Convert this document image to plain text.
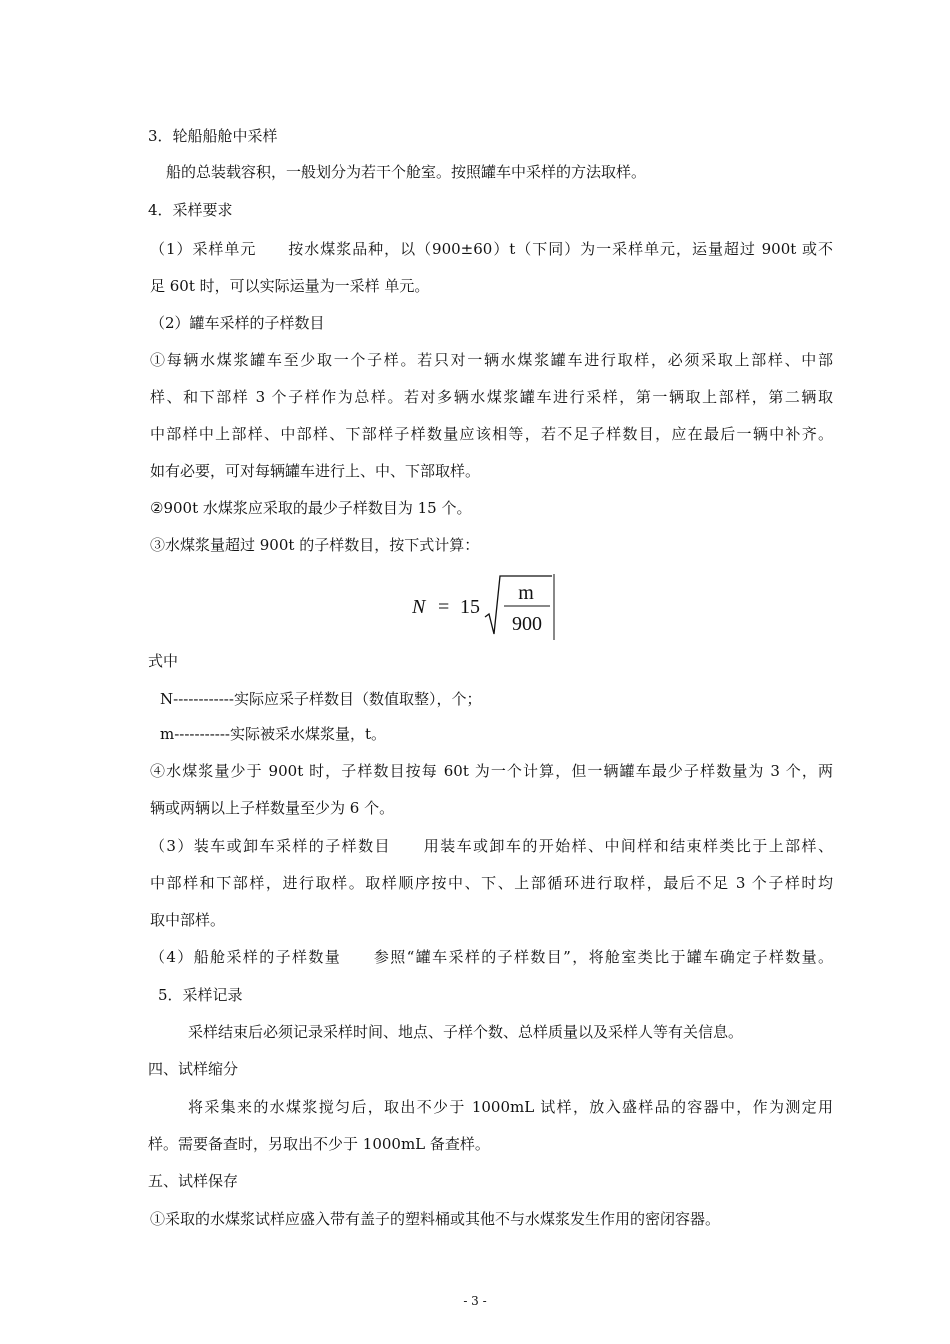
3．轮船船舱中采样
船的总装载容积，一般划分为若干个舱室。按照罐车中采样的方法取样。
4．采样要求
（1）采样单元　　按水煤浆品种，以（900±60）t（下同）为一采样单元，运量超过 900t 或不
足 60t 时，可以实际运量为一采样 单元。
（2）罐车采样的子样数目
①每辆水煤浆罐车至少取一个子样。若只对一辆水煤浆罐车进行取样，必须采取上部样、中部
样、和下部样 3 个子样作为总样。若对多辆水煤浆罐车进行采样，第一辆取上部样，第二辆取
中部样中上部样、中部样、下部样子样数量应该相等，若不足子样数目，应在最后一辆中补齐。
如有必要，可对每辆罐车进行上、中、下部取样。
②900t 水煤浆应采取的最少子样数目为 15 个。
③水煤浆量超过 900t 的子样数目，按下式计算：
N = 15
m
900
式中
N------------实际应采子样数目（数值取整），个；
m-----------实际被采水煤浆量，t。
④水煤浆量少于 900t 时，子样数目按每 60t 为一个计算，但一辆罐车最少子样数量为 3 个，两
辆或两辆以上子样数量至少为 6 个。
（3）装车或卸车采样的子样数目　　用装车或卸车的开始样、中间样和结束样类比于上部样、
中部样和下部样，进行取样。取样顺序按中、下、上部循环进行取样，最后不足 3 个子样时均
取中部样。
（4）船舱采样的子样数量　　参照“罐车采样的子样数目”，将舱室类比于罐车确定子样数量。
5．采样记录
采样结束后必须记录采样时间、地点、子样个数、总样质量以及采样人等有关信息。
四、试样缩分
将采集来的水煤浆搅匀后，取出不少于 1000mL 试样，放入盛样品的容器中，作为测定用
样。需要备查时，另取出不少于 1000mL 备查样。
五、试样保存
①采取的水煤浆试样应盛入带有盖子的塑料桶或其他不与水煤浆发生作用的密闭容器。
- 3 -
